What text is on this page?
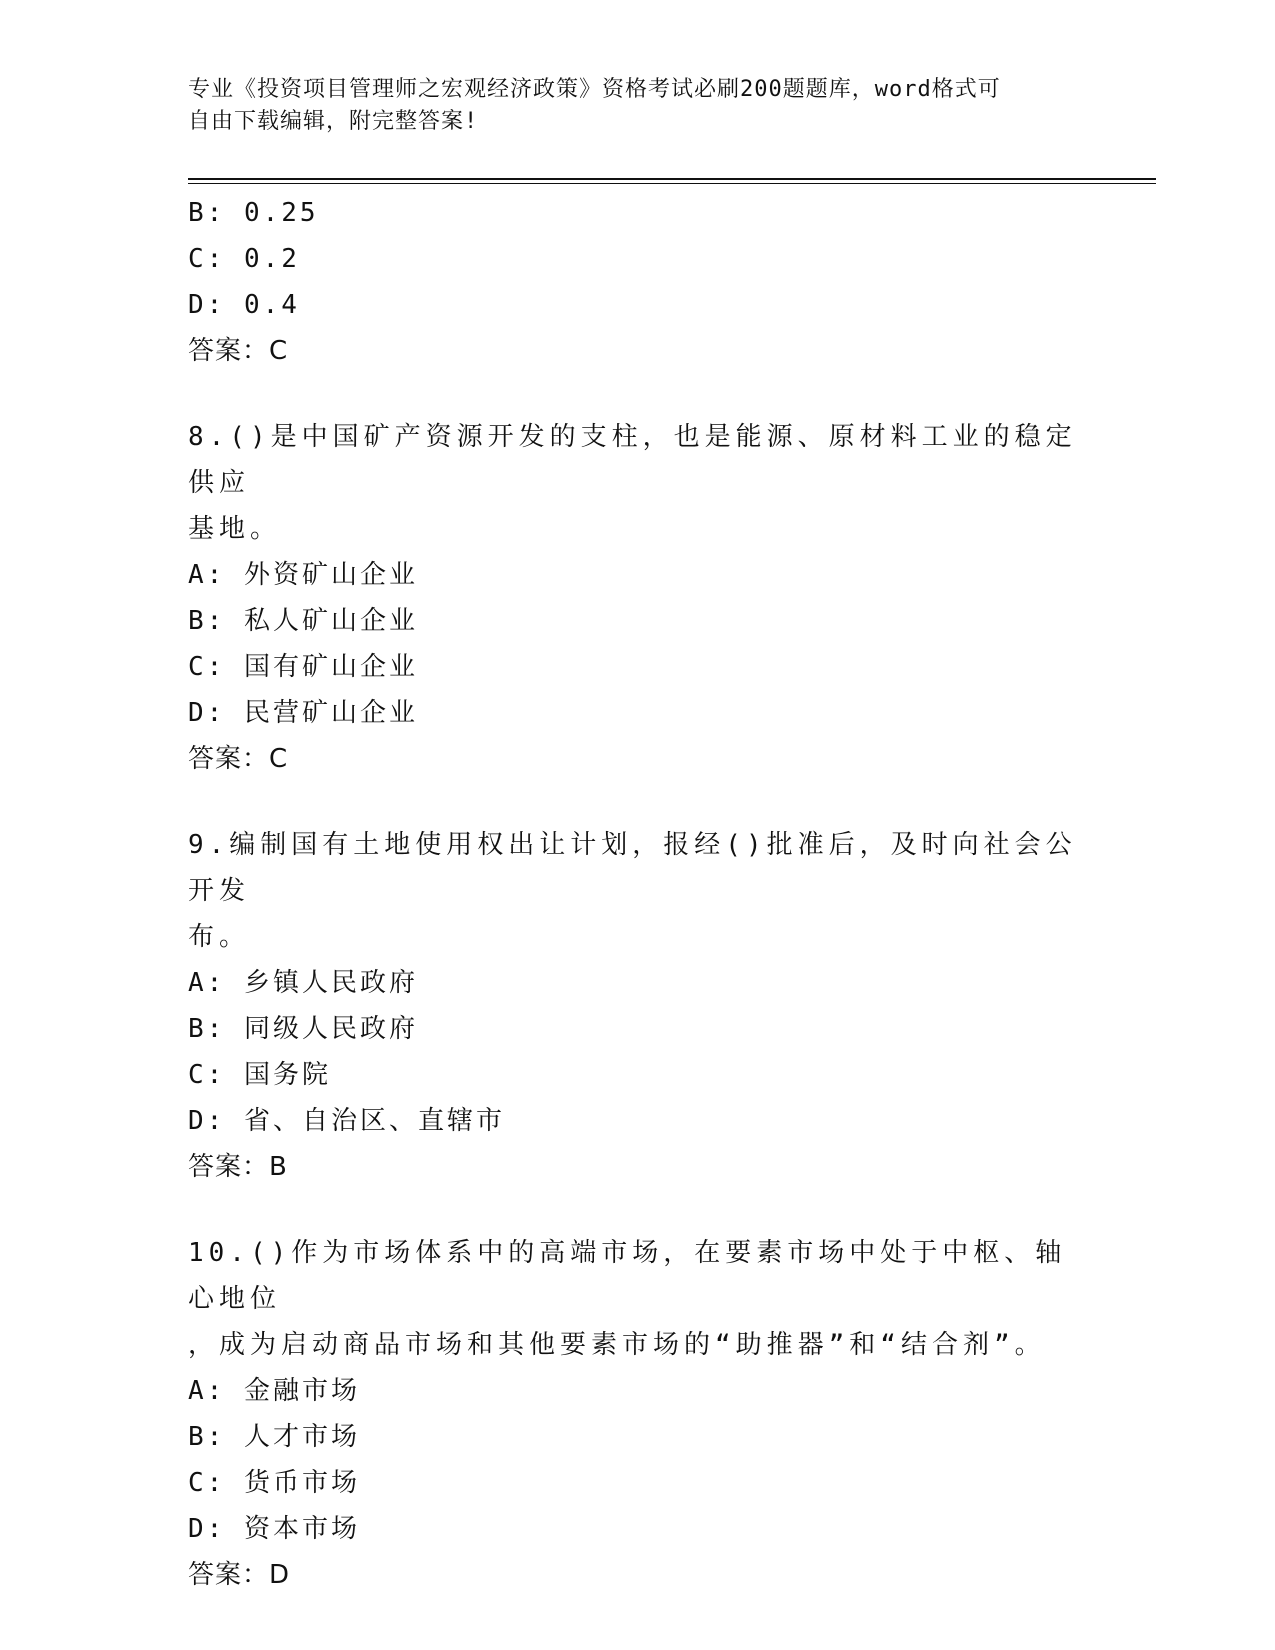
专业《投资项目管理师之宏观经济政策》资格考试必刷200题题库，word格式可
自由下载编辑，附完整答案!
B: 0.25
C: 0.2
D: 0.4
答案：C
8.()是中国矿产资源开发的支柱，也是能源、原材料工业的稳定供应
基地。
A: 外资矿山企业
B: 私人矿山企业
C: 国有矿山企业
D: 民营矿山企业
答案：C
9.编制国有土地使用权出让计划，报经()批准后，及时向社会公开发
布。
A: 乡镇人民政府
B: 同级人民政府
C: 国务院
D: 省、自治区、直辖市
答案：B
10.()作为市场体系中的高端市场，在要素市场中处于中枢、轴心地位
，成为启动商品市场和其他要素市场的“助推器”和“结合剂”。
A: 金融市场
B: 人才市场
C: 货币市场
D: 资本市场
答案：D
